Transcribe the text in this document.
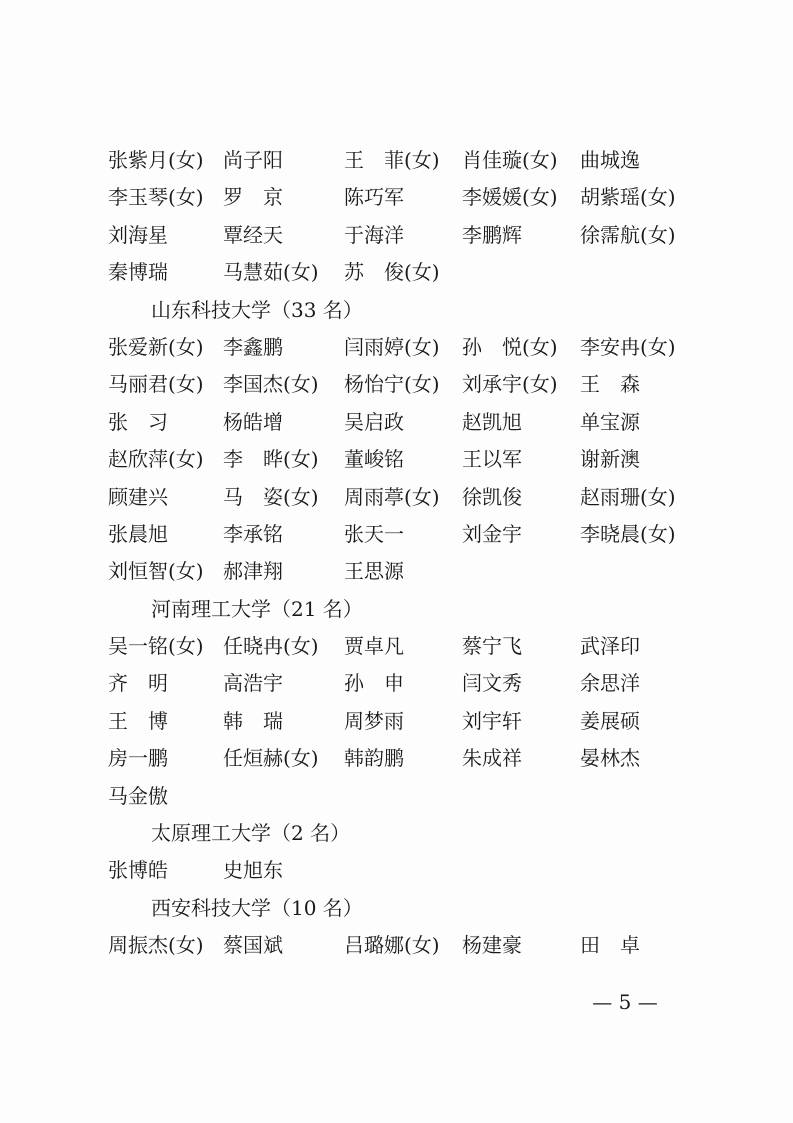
张紫月(女) 尚子阳	王　菲(女)	肖佳璇(女)	曲城逸
李玉琴(女) 罗　京	陈巧军	李媛媛(女)	胡紫瑶(女)
刘海星	覃经天	于海洋	李鹏辉	徐霈航(女)
秦博瑞	马慧茹(女)	苏　俊(女)
山东科技大学（33 名）
张爱新(女) 李鑫鹏	闫雨婷(女)	孙　悦(女)	李安冉(女)
马丽君(女) 李国杰(女)	杨怡宁(女)	刘承宇(女)	王　森
张　习	杨皓增	吴启政	赵凯旭	单宝源
赵欣萍(女) 李　晔(女)	董峻铭	王以军	谢新澳
顾建兴	马　姿(女)	周雨葶(女)	徐凯俊	赵雨珊(女)
张晨旭	李承铭	张天一	刘金宇	李晓晨(女)
刘恒智(女) 郝津翔	王思源
河南理工大学（21 名）
吴一铭(女) 任晓冉(女)	贾卓凡	蔡宁飞	武泽印
齐　明	高浩宇	孙　申	闫文秀	余思洋
王　博	韩　瑞	周梦雨	刘宇轩	姜展硕
房一鹏	任烜赫(女)	韩韵鹏	朱成祥	晏林杰
马金傲
太原理工大学（2 名）
张博皓	史旭东
西安科技大学（10 名）
周振杰(女) 蔡国斌	吕璐娜(女)	杨建豪	田　卓
— 5 —
